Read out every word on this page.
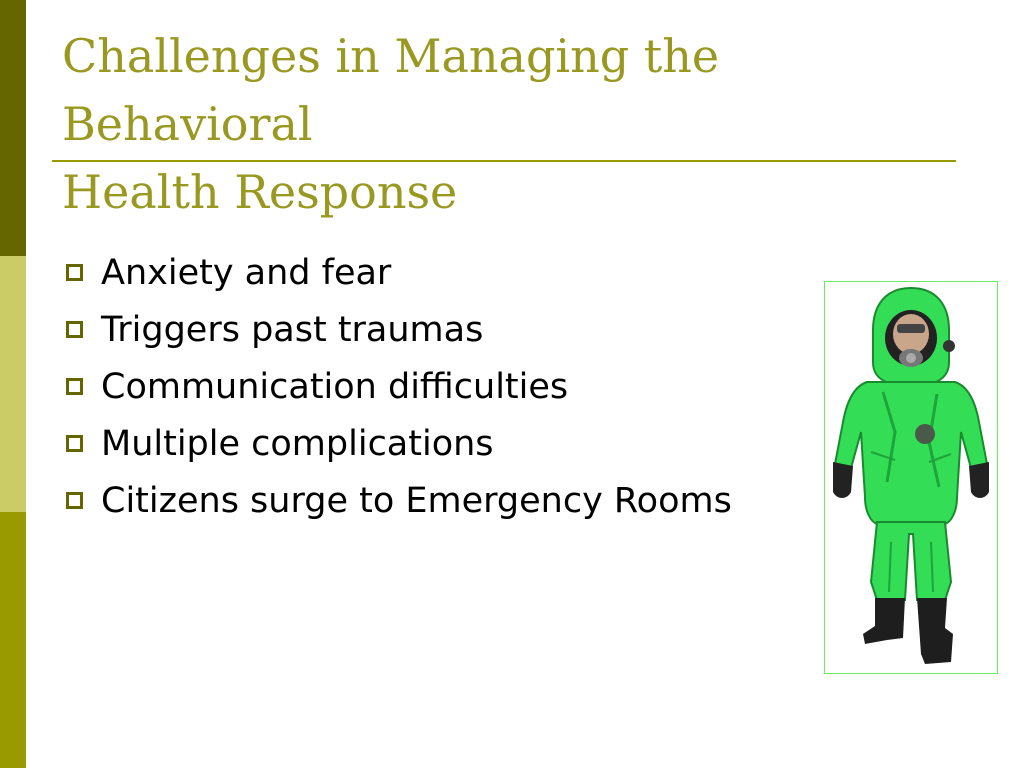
Challenges in Managing the Behavioral
Health Response
Anxiety and fear
Triggers past traumas
Communication difficulties
Multiple complications
Citizens surge to Emergency Rooms
